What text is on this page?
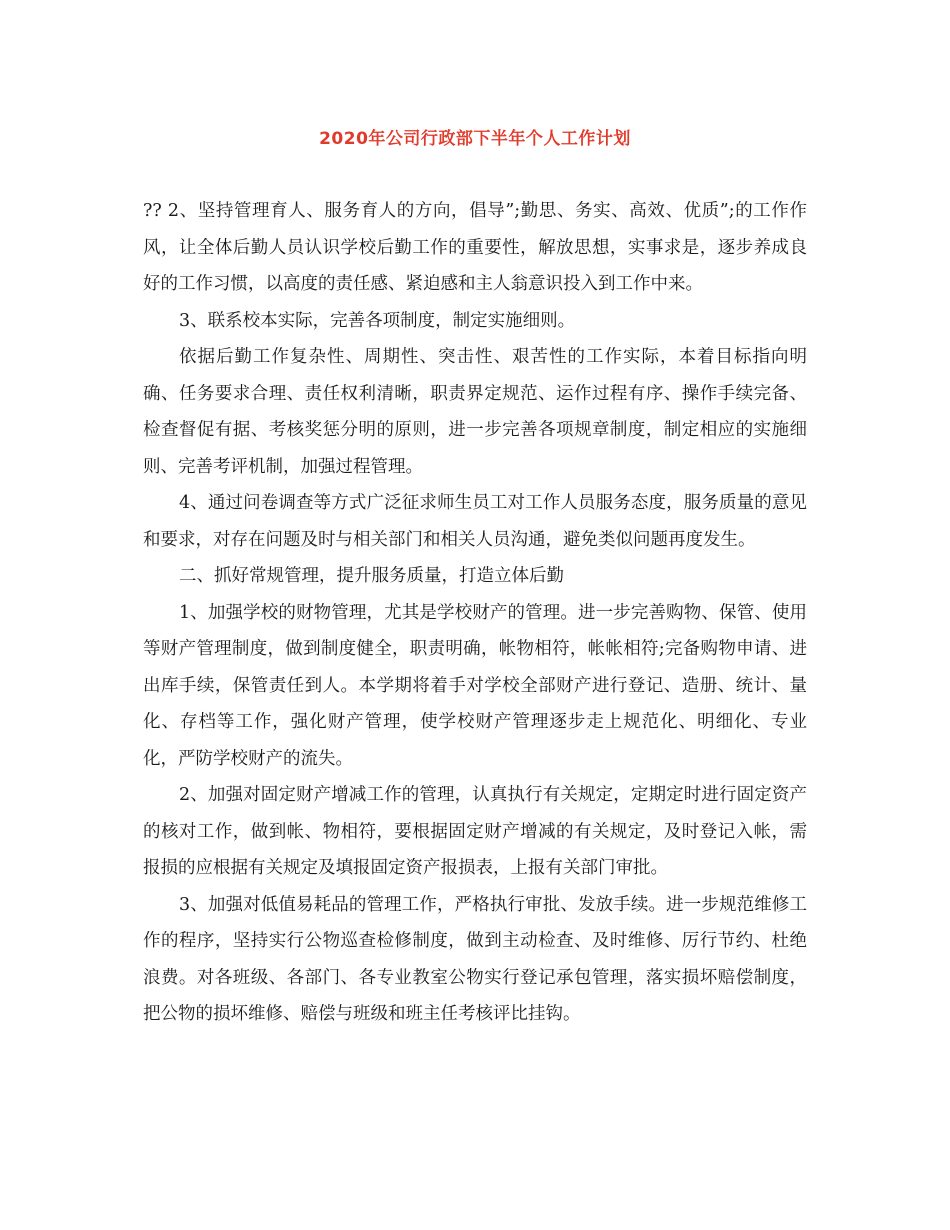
2020年公司行政部下半年个人工作计划

?? 2、坚持管理育人、服务育人的方向，倡导”;勤思、务实、高效、优质”;的工作作风，让全体后勤人员认识学校后勤工作的重要性，解放思想，实事求是，逐步养成良好的工作习惯，以高度的责任感、紧迫感和主人翁意识投入到工作中来。

3、联系校本实际，完善各项制度，制定实施细则。

依据后勤工作复杂性、周期性、突击性、艰苦性的工作实际，本着目标指向明确、任务要求合理、责任权利清晰，职责界定规范、运作过程有序、操作手续完备、检查督促有据、考核奖惩分明的原则，进一步完善各项规章制度，制定相应的实施细则、完善考评机制，加强过程管理。

4、通过问卷调查等方式广泛征求师生员工对工作人员服务态度，服务质量的意见和要求，对存在问题及时与相关部门和相关人员沟通，避免类似问题再度发生。

二、抓好常规管理，提升服务质量，打造立体后勤

1、加强学校的财物管理，尤其是学校财产的管理。进一步完善购物、保管、使用等财产管理制度，做到制度健全，职责明确，帐物相符，帐帐相符;完备购物申请、进出库手续，保管责任到人。本学期将着手对学校全部财产进行登记、造册、统计、量化、存档等工作，强化财产管理，使学校财产管理逐步走上规范化、明细化、专业化，严防学校财产的流失。

2、加强对固定财产增减工作的管理，认真执行有关规定，定期定时进行固定资产的核对工作，做到帐、物相符，要根据固定财产增减的有关规定，及时登记入帐，需报损的应根据有关规定及填报固定资产报损表，上报有关部门审批。

3、加强对低值易耗品的管理工作，严格执行审批、发放手续。进一步规范维修工作的程序，坚持实行公物巡查检修制度，做到主动检查、及时维修、厉行节约、杜绝浪费。对各班级、各部门、各专业教室公物实行登记承包管理，落实损坏赔偿制度，把公物的损坏维修、赔偿与班级和班主任考核评比挂钩。
